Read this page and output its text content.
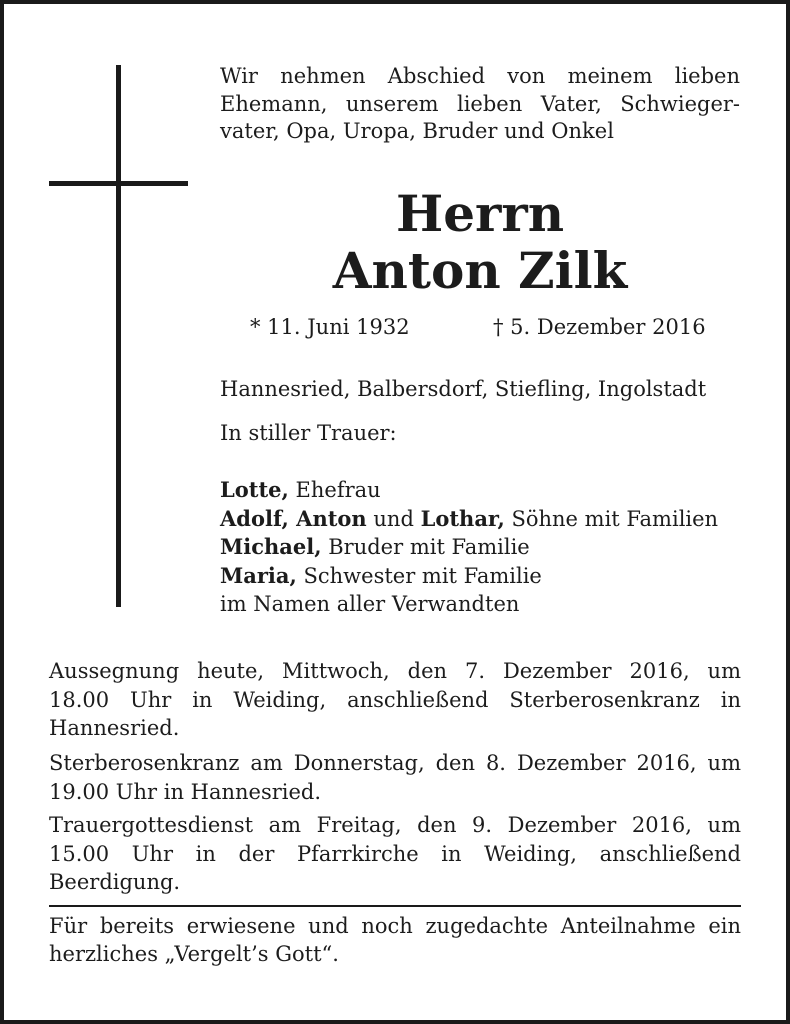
Wir nehmen Abschied von meinem lieben
Ehemann, unserem lieben Vater, Schwieger-
vater, Opa, Uropa, Bruder und Onkel
Herrn
Anton Zilk
* 11. Juni 1932	† 5. Dezember 2016
Hannesried, Balbersdorf, Stiefling, Ingolstadt
In stiller Trauer:
Lotte, Ehefrau
Adolf, Anton und Lothar, Söhne mit Familien
Michael, Bruder mit Familie
Maria, Schwester mit Familie
im Namen aller Verwandten
Aussegnung heute, Mittwoch, den 7. Dezember 2016, um
18.00 Uhr in Weiding, anschließend Sterberosenkranz in
Hannesried.
Sterberosenkranz am Donnerstag, den 8. Dezember 2016, um
19.00 Uhr in Hannesried.
Trauergottesdienst am Freitag, den 9. Dezember 2016, um
15.00 Uhr in der Pfarrkirche in Weiding, anschließend
Beerdigung.
Für bereits erwiesene und noch zugedachte Anteilnahme ein
herzliches „Vergelt’s Gott“.
